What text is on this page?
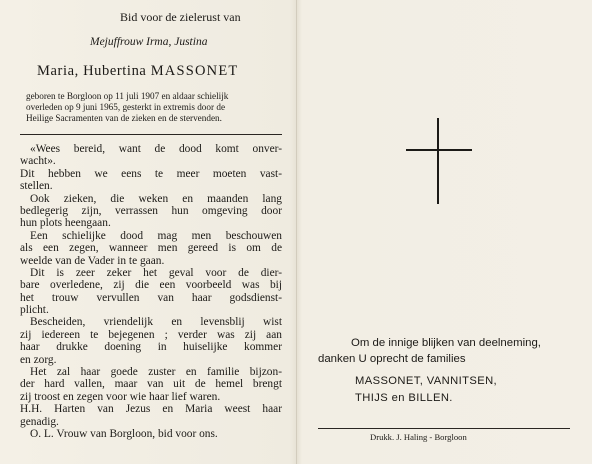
Bid voor de zielerust van
Mejuffrouw Irma, Justina
Maria, Hubertina MASSONET
geboren te Borgloon op 11 juli 1907 en aldaar schielijk
overleden op 9 juni 1965, gesterkt in extremis door de
Heilige Sacramenten van de zieken en de stervenden.
«Wees bereid, want de dood komt onver-
wacht».
Dit hebben we eens te meer moeten vast-
stellen.
Ook zieken, die weken en maanden lang
bedlegerig zijn, verrassen hun omgeving door
hun plots heengaan.
Een schielijke dood mag men beschouwen
als een zegen, wanneer men gereed is om de
weelde van de Vader in te gaan.
Dit is zeer zeker het geval voor de dier-
bare overledene, zij die een voorbeeld was bij
het trouw vervullen van haar godsdienst-
plicht.
Bescheiden, vriendelijk en levensblij wist
zij iedereen te bejegenen ; verder was zij aan
haar drukke doening in huiselijke kommer
en zorg.
Het zal haar goede zuster en familie bijzon-
der hard vallen, maar van uit de hemel brengt
zij troost en zegen voor wie haar lief waren.
H.H. Harten van Jezus en Maria weest haar
genadig.
O. L. Vrouw van Borgloon, bid voor ons.
Om de innige blijken van deelneming,
danken U oprecht de families
MASSONET, VANNITSEN,
THIJS en BILLEN.
Drukk. J. Haling - Borgloon
